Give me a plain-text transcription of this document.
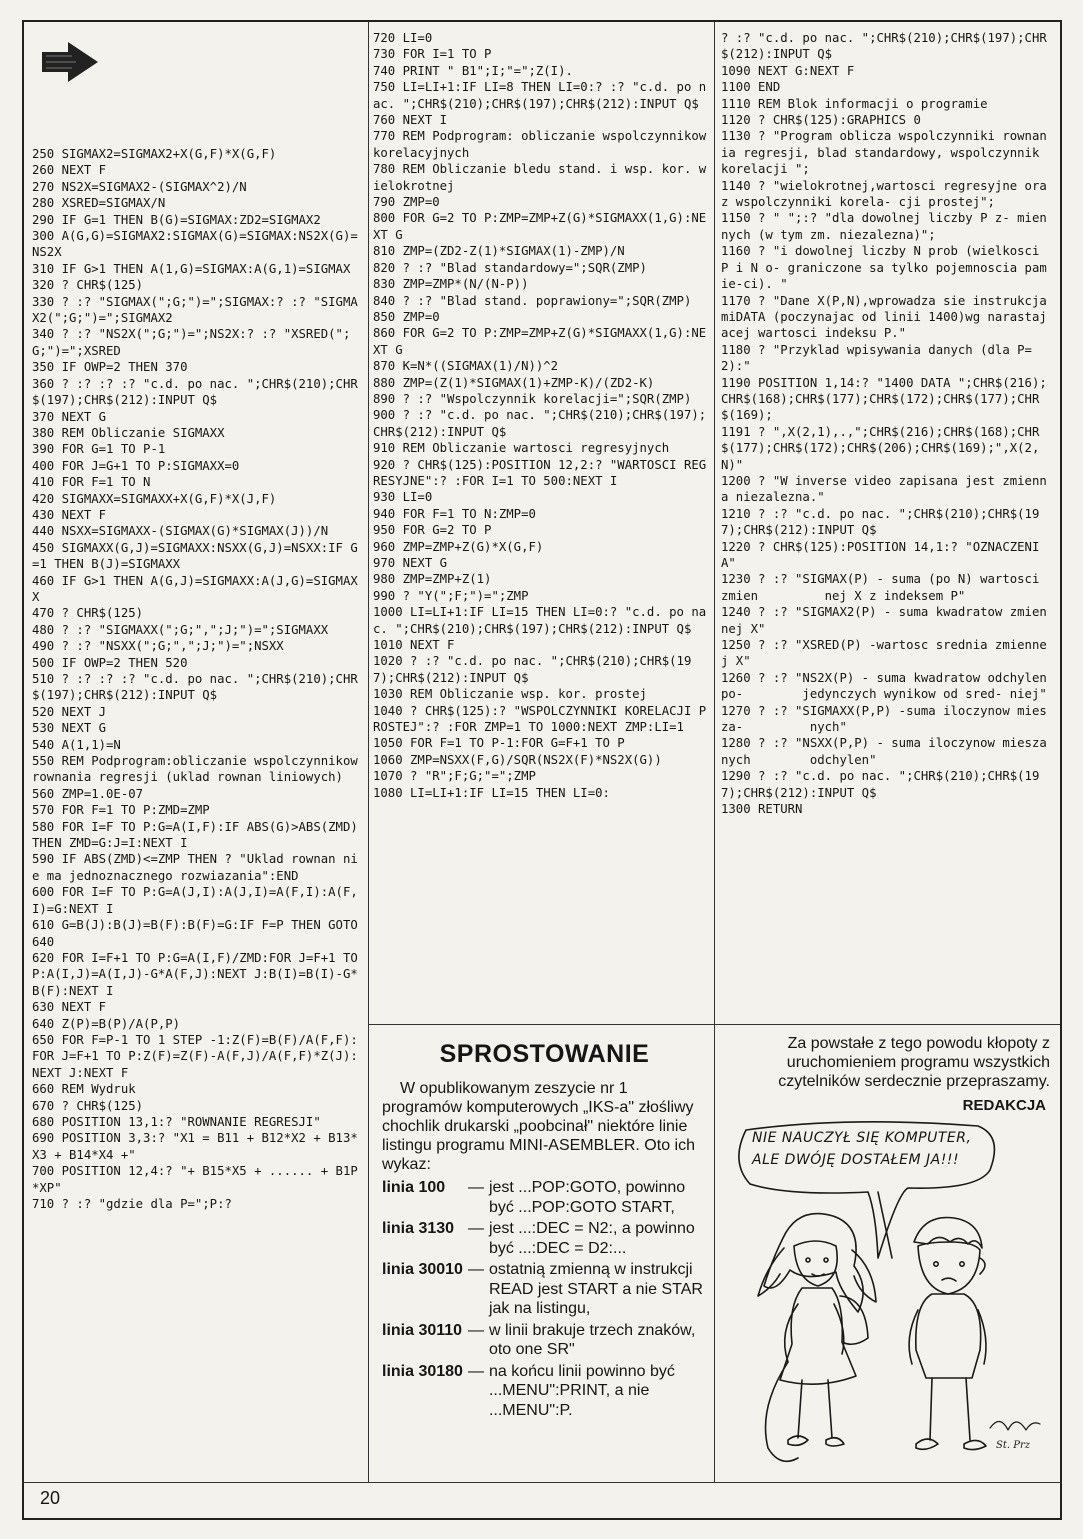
250 SIGMAX2=SIGMAX2+X(G,F)*X(G,F)
260 NEXT F
270 NS2X=SIGMAX2-(SIGMAX^2)/N
280 XSRED=SIGMAX/N
290 IF G=1 THEN B(G)=SIGMAX:ZD2=SIGMAX2
300 A(G,G)=SIGMAX2:SIGMAX(G)=SIGMAX:NS2X(G)=NS2X
310 IF G>1 THEN A(1,G)=SIGMAX:A(G,1)=SIGMAX
320 ? CHR$(125)
330 ? :? "SIGMAX(";G;")=";SIGMAX:? :? "SIGMAX2(";G;")=";SIGMAX2
340 ? :? "NS2X(";G;")=";NS2X:? :? "XSRED(";G;")=";XSRED
350 IF OWP=2 THEN 370
360 ? :? :? :? "c.d. po nac. ";CHR$(210);CHR$(197);CHR$(212):INPUT Q$
370 NEXT G
380 REM Obliczanie SIGMAXX
390 FOR G=1 TO P-1
400 FOR J=G+1 TO P:SIGMAXX=0
410 FOR F=1 TO N
420 SIGMAXX=SIGMAXX+X(G,F)*X(J,F)
430 NEXT F
440 NSXX=SIGMAXX-(SIGMAX(G)*SIGMAX(J))/N
450 SIGMAXX(G,J)=SIGMAXX:NSXX(G,J)=NSXX:IF G=1 THEN B(J)=SIGMAXX
460 IF G>1 THEN A(G,J)=SIGMAXX:A(J,G)=SIGMAXX
470 ? CHR$(125)
480 ? :? "SIGMAXX(";G;",";J;")=";SIGMAXX
490 ? :? "NSXX(";G;",";J;")=";NSXX
500 IF OWP=2 THEN 520
510 ? :? :? :? "c.d. po nac. ";CHR$(210);CHR$(197);CHR$(212):INPUT Q$
520 NEXT J
530 NEXT G
540 A(1,1)=N
550 REM Podprogram:obliczanie wspolczynnikow rownania regresji (uklad rownan liniowych)
560 ZMP=1.0E-07
570 FOR F=1 TO P:ZMD=ZMP
580 FOR I=F TO P:G=A(I,F):IF ABS(G)>ABS(ZMD) THEN ZMD=G:J=I:NEXT I
590 IF ABS(ZMD)<=ZMP THEN ? "Uklad rownan nie ma jednoznacznego rozwiazania":END
600 FOR I=F TO P:G=A(J,I):A(J,I)=A(F,I):A(F,I)=G:NEXT I
610 G=B(J):B(J)=B(F):B(F)=G:IF F=P THEN GOTO 640
620 FOR I=F+1 TO P:G=A(I,F)/ZMD:FOR J=F+1 TO P:A(I,J)=A(I,J)-G*A(F,J):NEXT J:B(I)=B(I)-G*B(F):NEXT I
630 NEXT F
640 Z(P)=B(P)/A(P,P)
650 FOR F=P-1 TO 1 STEP -1:Z(F)=B(F)/A(F,F):FOR J=F+1 TO P:Z(F)=Z(F)-A(F,J)/A(F,F)*Z(J):NEXT J:NEXT F
660 REM Wydruk
670 ? CHR$(125)
680 POSITION 13,1:? "ROWNANIE REGRESJI"
690 POSITION 3,3:? "X1 = B11 + B12*X2 + B13*X3 + B14*X4 +"
700 POSITION 12,4:? "+ B15*X5 + ...... + B1P*XP"
710 ? :? "gdzie dla P=";P:?
720 LI=0
730 FOR I=1 TO P
740 PRINT " B1";I;"=";Z(I).
750 LI=LI+1:IF LI=8 THEN LI=0:? :? "c.d. po nac. ";CHR$(210);CHR$(197);CHR$(212):INPUT Q$
760 NEXT I
770 REM Podprogram: obliczanie wspolczynnikow korelacyjnych
780 REM Obliczanie bledu stand. i wsp. kor. wielokrotnej
790 ZMP=0
800 FOR G=2 TO P:ZMP=ZMP+Z(G)*SIGMAXX(1,G):NEXT G
810 ZMP=(ZD2-Z(1)*SIGMAX(1)-ZMP)/N
820 ? :? "Blad standardowy=";SQR(ZMP)
830 ZMP=ZMP*(N/(N-P))
840 ? :? "Blad stand. poprawiony=";SQR(ZMP)
850 ZMP=0
860 FOR G=2 TO P:ZMP=ZMP+Z(G)*SIGMAXX(1,G):NEXT G
870 K=N*((SIGMAX(1)/N))^2
880 ZMP=(Z(1)*SIGMAX(1)+ZMP-K)/(ZD2-K)
890 ? :? "Wspolczynnik korelacji=";SQR(ZMP)
900 ? :? "c.d. po nac. ";CHR$(210);CHR$(197);CHR$(212):INPUT Q$
910 REM Obliczanie wartosci regresyjnych
920 ? CHR$(125):POSITION 12,2:? "WARTOSCI REGRESYJNE":? :FOR I=1 TO 500:NEXT I
930 LI=0
940 FOR F=1 TO N:ZMP=0
950 FOR G=2 TO P
960 ZMP=ZMP+Z(G)*X(G,F)
970 NEXT G
980 ZMP=ZMP+Z(1)
990 ? "Y(";F;")=";ZMP
1000 LI=LI+1:IF LI=15 THEN LI=0:? "c.d. po nac. ";CHR$(210);CHR$(197);CHR$(212):INPUT Q$
1010 NEXT F
1020 ? :? "c.d. po nac. ";CHR$(210);CHR$(197);CHR$(212):INPUT Q$
1030 REM Obliczanie wsp. kor. prostej
1040 ? CHR$(125):? "WSPOLCZYNNIKI KORELACJI PROSTEJ":? :FOR ZMP=1 TO 1000:NEXT ZMP:LI=1
1050 FOR F=1 TO P-1:FOR G=F+1 TO P
1060 ZMP=NSXX(F,G)/SQR(NS2X(F)*NS2X(G))
1070 ? "R";F;G;"=";ZMP
1080 LI=LI+1:IF LI=15 THEN LI=0:
? :? "c.d. po nac. ";CHR$(210);CHR$(197);CHR$(212):INPUT Q$
1090 NEXT G:NEXT F
1100 END
1110 REM Blok informacji o programie
1120 ? CHR$(125):GRAPHICS 0
1130 ? "Program oblicza wspolczynniki rownania regresji, blad standardowy, wspolczynnik korelacji ";
1140 ? "wielokrotnej,wartosci regresyjne oraz wspolczynniki korela- cji prostej";
1150 ? " ";:? "dla dowolnej liczby P z- miennych (w tym zm. niezalezna)";
1160 ? "i dowolnej liczby N prob (wielkosci P i N o- graniczone sa tylko pojemnoscia pamie-ci). "
1170 ? "Dane X(P,N),wprowadza sie instrukcjamiDATA (poczynajac od linii 1400)wg narastajacej wartosci indeksu P."
1180 ? "Przyklad wpisywania danych (dla P=2):"
1190 POSITION 1,14:? "1400 DATA ";CHR$(216);CHR$(168);CHR$(177);CHR$(172);CHR$(177);CHR$(169);
1191 ? ",X(2,1),.,";CHR$(216);CHR$(168);CHR$(177);CHR$(172);CHR$(206);CHR$(169);",X(2,N)"
1200 ? "W inverse video zapisana jest zmienna niezalezna."
1210 ? :? "c.d. po nac. ";CHR$(210);CHR$(197);CHR$(212):INPUT Q$
1220 ? CHR$(125):POSITION 14,1:? "OZNACZENIA"
1230 ? :? "SIGMAX(P) - suma (po N) wartosci zmien         nej X z indeksem P"
1240 ? :? "SIGMAX2(P) - suma kwadratow zmiennej X"
1250 ? :? "XSRED(P) -wartosc srednia zmiennej X"
1260 ? :? "NS2X(P) - suma kwadratow odchylen po-        jedynczych wynikow od sred- niej"
1270 ? :? "SIGMAXX(P,P) -suma iloczynow miesza-         nych"
1280 ? :? "NSXX(P,P) - suma iloczynow mieszanych        odchylen"
1290 ? :? "c.d. po nac. ";CHR$(210);CHR$(197);CHR$(212):INPUT Q$
1300 RETURN
SPROSTOWANIE

W opublikowanym zeszycie nr 1 programów komputerowych „IKS-a" złośliwy chochlik drukarski „poobcinał" niektóre linie listingu programu MINI-ASEMBLER. Oto ich wykaz:

linia 100	—	jest ...POP:GOTO, powinno być ...POP:GOTO START,
linia 3130	—	jest ...:DEC = N2:, a powinno być ...:DEC = D2:...
linia 30010	—	ostatnią zmienną w instrukcji READ jest START a nie STAR jak na listingu,
linia 30110	—	w linii brakuje trzech znaków, oto one SR"
linia 30180	—	na końcu linii powinno być ...MENU":PRINT, a nie ...MENU":P.
Za powstałe z tego powodu kłopoty z uruchomieniem programu wszystkich czytelników serdecznie przepraszamy.
REDAKCJA
St. Prz
NIE NAUCZYŁ SIĘ KOMPUTER, ALE DWÓJĘ DOSTAŁEM JA!!!
20
